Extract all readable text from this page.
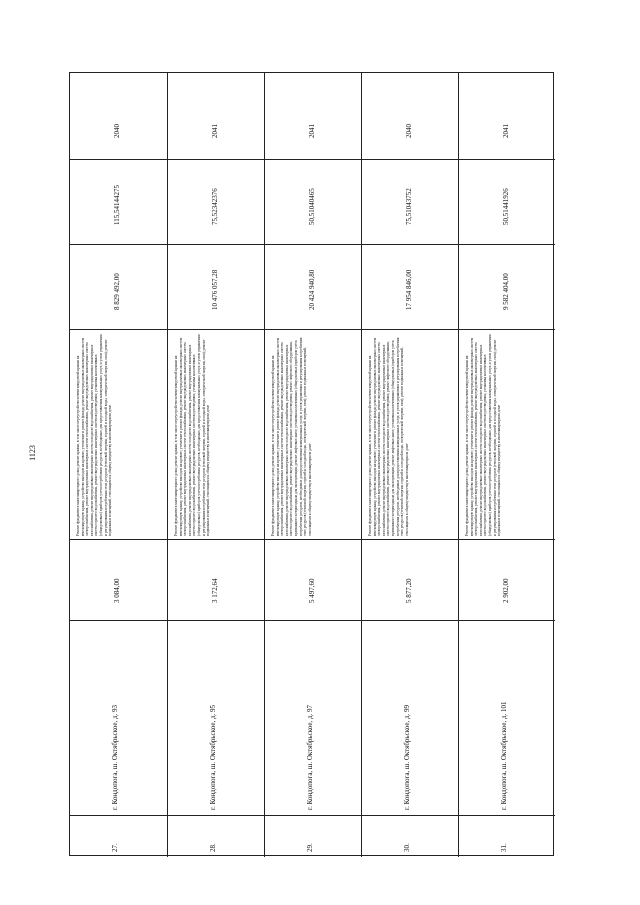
1123
27.
г. Кондопога, ш. Октябрьское, д. 93
3 084,00
Ремонт фундамента многоквартирного дома; ремонт крыши, в том числе переустройство невентилируемой крыши на вентилируемую крышу, устройство выходов на кровлю; утепление и ремонт фасада; ремонт внутридомовых инженерных систем электроснабжения, ремонт внутридомовых инженерных систем теплоснабжения, ремонт внутридомовых инженерных систем газоснабжения, ремонт внутридомовых инженерных систем холодного водоснабжения, ремонт внутридомовых инженерных систем горячего водоснабжения, ремонт внутридомовых инженерных систем водоотведения; установка коллективных (общедомовых) приборов учета потребления ресурсов, необходимых для предоставления коммунальных услуг, и узлов управления и регулирования потребления этих ресурсов (тепловой энергии, горячей и холодной воды, электрической энергии, газа); ремонт подвальных помещений, относящихся к общему имуществу в многоквартирном доме
8 829 492,00
115,54144275
2040
28.
г. Кондопога, ш. Октябрьское, д. 95
3 172,64
Ремонт фундамента многоквартирного дома; ремонт крыши, в том числе переустройство невентилируемой крыши на вентилируемую крышу, устройство выходов на кровлю; утепление и ремонт фасада; ремонт внутридомовых инженерных систем электроснабжения, ремонт внутридомовых инженерных систем теплоснабжения, ремонт внутридомовых инженерных систем газоснабжения, ремонт внутридомовых инженерных систем холодного водоснабжения, ремонт внутридомовых инженерных систем горячего водоснабжения, ремонт внутридомовых инженерных систем водоотведения; установка коллективных (общедомовых) приборов учета потребления ресурсов, необходимых для предоставления коммунальных услуг, и узлов управления и регулирования потребления этих ресурсов (тепловой энергии, горячей и холодной воды, электрической энергии, газа); ремонт подвальных помещений, относящихся к общему имуществу в многоквартирном доме
10 476 057,28
75,52342376
2041
29.
г. Кондопога, ш. Октябрьское, д. 97
5 497,60
Ремонт фундамента многоквартирного дома; ремонт крыши, в том числе переустройство невентилируемой крыши на вентилируемую крышу, устройство выходов на кровлю; утепление и ремонт фасада; ремонт внутридомовых инженерных систем электроснабжения, ремонт внутридомовых инженерных систем теплоснабжения, ремонт внутридомовых инженерных систем газоснабжения, ремонт внутридомовых инженерных систем холодного водоснабжения, ремонт внутридомовых инженерных систем горячего водоснабжения, ремонт внутридомовых инженерных систем водоотведения; ремонт лифтового оборудования, признанного непригодным для эксплуатации, ремонт лифтовых шахт; установка коллективных (общедомовых) приборов учета потребления ресурсов, необходимых для предоставления коммунальных услуг, и узлов управления и регулирования потребления этих ресурсов (тепловой энергии, горячей и холодной воды, электрической энергии, газа); ремонт подвальных помещений, относящихся к общему имуществу в многоквартирном доме
20 424 940,80
50,51040465
2041
30.
г. Кондопога, ш. Октябрьское, д. 99
5 877,20
Ремонт фундамента многоквартирного дома; ремонт крыши, в том числе переустройство невентилируемой крыши на вентилируемую крышу, устройство выходов на кровлю; утепление и ремонт фасада; ремонт внутридомовых инженерных систем электроснабжения, ремонт внутридомовых инженерных систем теплоснабжения, ремонт внутридомовых инженерных систем газоснабжения, ремонт внутридомовых инженерных систем холодного водоснабжения, ремонт внутридомовых инженерных систем горячего водоснабжения, ремонт внутридомовых инженерных систем водоотведения; ремонт лифтового оборудования, признанного непригодным для эксплуатации, ремонт лифтовых шахт; установка коллективных (общедомовых) приборов учета потребления ресурсов, необходимых для предоставления коммунальных услуг, и узлов управления и регулирования потребления этих ресурсов (тепловой энергии, горячей и холодной воды, электрической энергии, газа); ремонт подвальных помещений, относящихся к общему имуществу в многоквартирном доме
17 954 846,00
75,51043752
2040
31.
г. Кондопога, ш. Октябрьское, д. 101
2 902,00
Ремонт фундамента многоквартирного дома; ремонт крыши, в том числе переустройство невентилируемой крыши на вентилируемую крышу, устройство выходов на кровлю; утепление и ремонт фасада; ремонт внутридомовых инженерных систем электроснабжения, ремонт внутридомовых инженерных систем теплоснабжения, ремонт внутридомовых инженерных систем газоснабжения, ремонт внутридомовых инженерных систем холодного водоснабжения, ремонт внутридомовых инженерных систем горячего водоснабжения, ремонт внутридомовых инженерных систем водоотведения; установка коллективных (общедомовых) приборов учета потребления ресурсов, необходимых для предоставления коммунальных услуг, и узлов управления и регулирования потребления этих ресурсов (тепловой энергии, горячей и холодной воды, электрической энергии, газа); ремонт подвальных помещений, относящихся к общему имуществу в многоквартирном доме
9 582 404,00
50,51441926
2041
